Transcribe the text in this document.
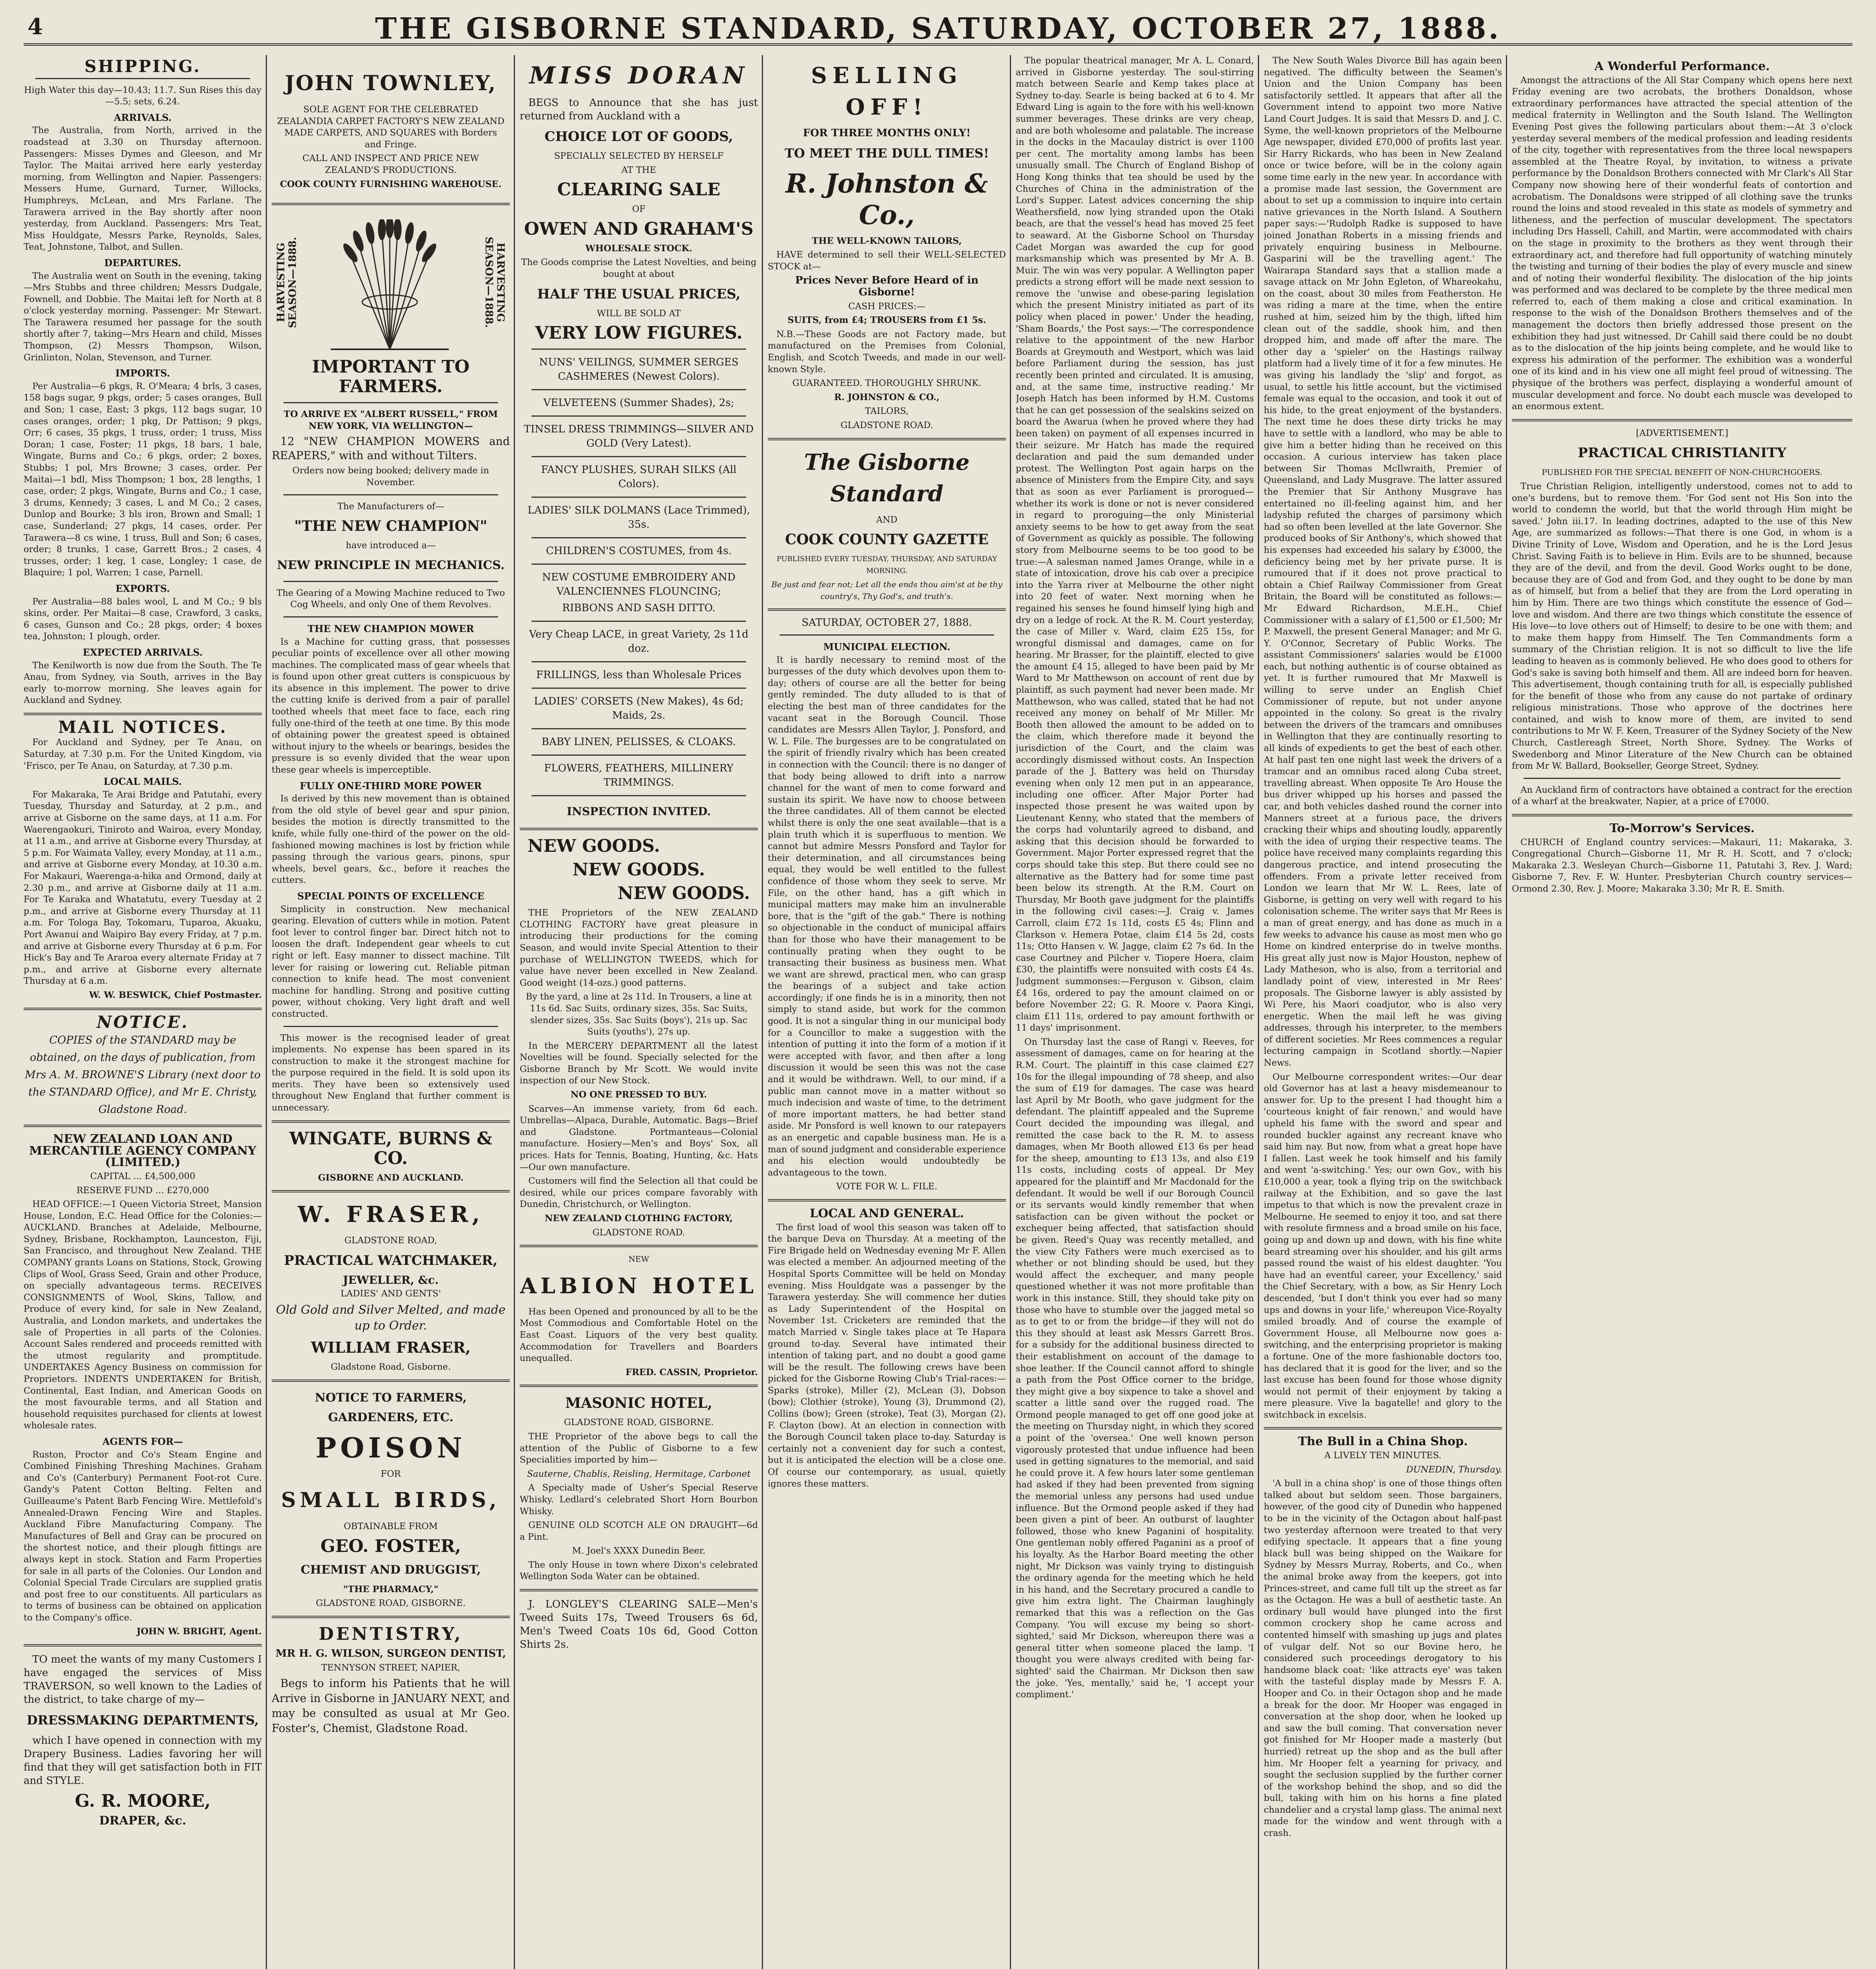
4	THE GISBORNE STANDARD, SATURDAY, OCTOBER 27, 1888.
SHIPPING.

High Water this day—10.43; 11.7. Sun Rises this day—5.5; sets, 6.24.

ARRIVALS.

The Australia, from North, arrived in the roadstead at 3.30 on Thursday afternoon. Passengers: Misses Dymes and Gleeson, and Mr Taylor. The Maitai arrived here early yesterday morning, from Wellington and Napier. Passengers: Messers Hume, Gurnard, Turner, Willocks, Humphreys, McLean, and Mrs Farlane. The Tarawera arrived in the Bay shortly after noon yesterday, from Auckland. Passengers: Mrs Teat, Miss Houldgate, Messrs Parke, Reynolds, Sales, Teat, Johnstone, Talbot, and Sullen.

DEPARTURES.

The Australia went on South in the evening, taking—Mrs Stubbs and three children; Messrs Dudgale, Fownell, and Dobbie. The Maitai left for North at 8 o'clock yesterday morning. Passenger: Mr Stewart. The Tarawera resumed her passage for the south shortly after 7, taking—Mrs Hearn and child, Misses Thompson, (2) Messrs Thompson, Wilson, Grinlinton, Nolan, Stevenson, and Turner.

IMPORTS.

Per Australia—6 pkgs, R. O'Meara; 4 brls, 3 cases, 158 bags sugar, 9 pkgs, order; 5 cases oranges, Bull and Son; 1 case, East; 3 pkgs, 112 bags sugar, 10 cases oranges, order; 1 pkg, Dr Pattison; 9 pkgs, Orr; 6 cases, 35 pkgs, 1 truss, order; 1 truss, Miss Doran; 1 case, Foster; 11 pkgs, 18 bars, 1 bale, Wingate, Burns and Co.; 6 pkgs, order; 2 boxes, Stubbs; 1 pol, Mrs Browne; 3 cases, order. Per Maitai—1 bdl, Miss Thompson; 1 box, 28 lengths, 1 case, order; 2 pkgs, Wingate, Burns and Co.; 1 case, 3 drums, Kennedy; 3 cases, L and M Co.; 2 cases, Dunlop and Bourke; 3 bls iron, Brown and Small; 1 case, Sunderland; 27 pkgs, 14 cases, order. Per Tarawera—8 cs wine, 1 truss, Bull and Son; 6 cases, order; 8 trunks, 1 case, Garrett Bros.; 2 cases, 4 trusses, order; 1 keg, 1 case, Longley; 1 case, de Blaquire; 1 pol, Warren; 1 case, Parnell.

EXPORTS.

Per Australia—88 bales wool, L and M Co.; 9 bls skins, order. Per Maitai—8 case, Crawford, 3 casks, 6 cases, Gunson and Co.; 28 pkgs, order; 4 boxes tea, Johnston; 1 plough, order.

EXPECTED ARRIVALS.

The Kenilworth is now due from the South. The Te Anau, from Sydney, via South, arrives in the Bay early to-morrow morning. She leaves again for Auckland and Sydney.

MAIL NOTICES.

For Auckland and Sydney, per Te Anau, on Saturday, at 7.30 p.m. For the United Kingdom, via 'Frisco, per Te Anau, on Saturday, at 7.30 p.m.

LOCAL MAILS.

For Makaraka, Te Arai Bridge and Patutahi, every Tuesday, Thursday and Saturday, at 2 p.m., and arrive at Gisborne on the same days, at 11 a.m. For Waerengaokuri, Tiniroto and Wairoa, every Monday, at 11 a.m., and arrive at Gisborne every Thursday, at 5 p.m. For Waimata Valley, every Monday, at 11 a.m., and arrive at Gisborne every Monday, at 10.30 a.m. For Makauri, Waerenga-a-hika and Ormond, daily at 2.30 p.m., and arrive at Gisborne daily at 11 a.m. For Te Karaka and Whatatutu, every Tuesday at 2 p.m., and arrive at Gisborne every Thursday at 11 a.m. For Tologa Bay, Tokomaru, Tuparoa, Akuaku, Port Awanui and Waipiro Bay every Friday, at 7 p.m. and arrive at Gisborne every Thursday at 6 p.m. For Hick's Bay and Te Araroa every alternate Friday at 7 p.m., and arrive at Gisborne every alternate Thursday at 6 a.m.

W. W. BESWICK, Chief Postmaster.

NOTICE.

COPIES of the STANDARD may be obtained, on the days of publication, from Mrs A. M. BROWNE'S Library (next door to the STANDARD Office), and Mr E. Christy, Gladstone Road.

NEW ZEALAND LOAN AND MERCANTILE AGENCY COMPANY (LIMITED.)

CAPITAL ... £4,500,000

RESERVE FUND ... £270,000

HEAD OFFICE:—1 Queen Victoria Street, Mansion House, London, E.C. Head Office for the Colonies:—AUCKLAND. Branches at Adelaide, Melbourne, Sydney, Brisbane, Rockhampton, Launceston, Fiji, San Francisco, and throughout New Zealand. THE COMPANY grants Loans on Stations, Stock, Growing Clips of Wool, Grass Seed, Grain and other Produce, on specially advantageous terms. RECEIVES CONSIGNMENTS of Wool, Skins, Tallow, and Produce of every kind, for sale in New Zealand, Australia, and London markets, and undertakes the sale of Properties in all parts of the Colonies. Account Sales rendered and proceeds remitted with the utmost regularity and promptitude. UNDERTAKES Agency Business on commission for Proprietors. INDENTS UNDERTAKEN for British, Continental, East Indian, and American Goods on the most favourable terms, and all Station and household requisites purchased for clients at lowest wholesale rates.

AGENTS FOR—

Ruston, Proctor and Co's Steam Engine and Combined Finishing Threshing Machines. Graham and Co's (Canterbury) Permanent Foot-rot Cure. Gandy's Patent Cotton Belting. Felten and Guilleaume's Patent Barb Fencing Wire. Mettlefold's Annealed-Drawn Fencing Wire and Staples. Auckland Fibre Manufacturing Company. The Manufactures of Bell and Gray can be procured on the shortest notice, and their plough fittings are always kept in stock. Station and Farm Properties for sale in all parts of the Colonies. Our London and Colonial Special Trade Circulars are supplied gratis and post free to our constituents. All particulars as to terms of business can be obtained on application to the Company's office.

JOHN W. BRIGHT, Agent.

TO meet the wants of my many Customers I have engaged the services of Miss TRAVERSON, so well known to the Ladies of the district, to take charge of my—

DRESSMAKING DEPARTMENTS,

which I have opened in connection with my Drapery Business. Ladies favoring her will find that they will get satisfaction both in FIT and STYLE.

G. R. MOORE,

DRAPER, &c.

JOHN TOWNLEY,

SOLE AGENT FOR THE CELEBRATED ZEALANDIA CARPET FACTORY'S NEW ZEALAND MADE CARPETS, AND SQUARES with Borders and Fringe.

CALL AND INSPECT AND PRICE NEW ZEALAND'S PRODUCTIONS.

COOK COUNTY FURNISHING WAREHOUSE.

HARVESTING SEASON—1888.	HARVESTING SEASON—1888.

IMPORTANT TO FARMERS.

TO ARRIVE EX "ALBERT RUSSELL," FROM NEW YORK, VIA WELLINGTON—

12 "NEW CHAMPION MOWERS and REAPERS," with and without Tilters.

Orders now being booked; delivery made in November.

The Manufacturers of—

"THE NEW CHAMPION"

have introduced a—

NEW PRINCIPLE IN MECHANICS.

The Gearing of a Mowing Machine reduced to Two Cog Wheels, and only One of them Revolves.

THE NEW CHAMPION MOWER

Is a Machine for cutting grass, that possesses peculiar points of excellence over all other mowing machines. The complicated mass of gear wheels that is found upon other great cutters is conspicuous by its absence in this implement. The power to drive the cutting knife is derived from a pair of parallel toothed wheels that meet face to face, each ring fully one-third of the teeth at one time. By this mode of obtaining power the greatest speed is obtained without injury to the wheels or bearings, besides the pressure is so evenly divided that the wear upon these gear wheels is imperceptible.

FULLY ONE-THIRD MORE POWER

Is derived by this new movement than is obtained from the old style of bevel gear and spur pinion, besides the motion is directly transmitted to the knife, while fully one-third of the power on the old-fashioned mowing machines is lost by friction while passing through the various gears, pinons, spur wheels, bevel gears, &c., before it reaches the cutters.

SPECIAL POINTS OF EXCELLENCE

Simplicity in construction. New mechanical gearing. Elevation of cutters while in motion. Patent foot lever to control finger bar. Direct hitch not to loosen the draft. Independent gear wheels to cut right or left. Easy manner to dissect machine. Tilt lever for raising or lowering cut. Reliable pitman connection to knife head. The most convenient machine for handling. Strong and positive cutting power, without choking. Very light draft and well constructed.

This mower is the recognised leader of great implements. No expense has been spared in its construction to make it the strongest machine for the purpose required in the field. It is sold upon its merits. They have been so extensively used throughout New England that further comment is unnecessary.

WINGATE, BURNS & CO.

GISBORNE AND AUCKLAND.

W. FRASER,

GLADSTONE ROAD,

PRACTICAL WATCHMAKER,

JEWELLER, &c.

LADIES' AND GENTS'

Old Gold and Silver Melted, and made up to Order.

WILLIAM FRASER,

Gladstone Road, Gisborne.

NOTICE TO FARMERS, GARDENERS, ETC.

POISON

FOR

SMALL BIRDS,

OBTAINABLE FROM

GEO. FOSTER,

CHEMIST AND DRUGGIST,

"THE PHARMACY,"

GLADSTONE ROAD, GISBORNE.

DENTISTRY,

MR H. G. WILSON, SURGEON DENTIST,

TENNYSON STREET, NAPIER,

Begs to inform his Patients that he will Arrive in Gisborne in JANUARY NEXT, and may be consulted as usual at Mr Geo. Foster's, Chemist, Gladstone Road.

MISS DORAN

BEGS to Announce that she has just returned from Auckland with a

CHOICE LOT OF GOODS,

SPECIALLY SELECTED BY HERSELF

AT THE

CLEARING SALE

OF

OWEN AND GRAHAM'S

WHOLESALE STOCK.

The Goods comprise the Latest Novelties, and being bought at about

HALF THE USUAL PRICES,

WILL BE SOLD AT

VERY LOW FIGURES.

NUNS' VEILINGS, SUMMER SERGES CASHMERES (Newest Colors).

VELVETEENS (Summer Shades), 2s;

TINSEL DRESS TRIMMINGS—SILVER AND GOLD (Very Latest).

FANCY PLUSHES, SURAH SILKS (All Colors).

LADIES' SILK DOLMANS (Lace Trimmed), 35s.

CHILDREN'S COSTUMES, from 4s.

NEW COSTUME EMBROIDERY AND VALENCIENNES FLOUNCING;

RIBBONS AND SASH DITTO.

Very Cheap LACE, in great Variety, 2s 11d doz.

FRILLINGS, less than Wholesale Prices

LADIES' CORSETS (New Makes), 4s 6d; Maids, 2s.

BABY LINEN, PELISSES, & CLOAKS.

FLOWERS, FEATHERS, MILLINERY TRIMMINGS.

INSPECTION INVITED.

NEW GOODS.

NEW GOODS.

NEW GOODS.

THE Proprietors of the NEW ZEALAND CLOTHING FACTORY have great pleasure in introducing their productions for the coming Season, and would invite Special Attention to their purchase of WELLINGTON TWEEDS, which for value have never been excelled in New Zealand. Good weight (14-ozs.) good patterns.

By the yard, a line at 2s 11d. In Trousers, a line at 11s 6d. Sac Suits, ordinary sizes, 35s. Sac Suits, slender sizes, 35s. Sac Suits (boys'), 21s up. Sac Suits (youths'), 27s up.

In the MERCERY DEPARTMENT all the latest Novelties will be found. Specially selected for the Gisborne Branch by Mr Scott. We would invite inspection of our New Stock.

NO ONE PRESSED TO BUY.

Scarves—An immense variety, from 6d each. Umbrellas—Alpaca, Durable, Automatic. Bags—Brief and Gladstone. Portmanteaus—Colonial manufacture. Hosiery—Men's and Boys' Sox, all prices. Hats for Tennis, Boating, Hunting, &c. Hats—Our own manufacture.

Customers will find the Selection all that could be desired, while our prices compare favorably with Dunedin, Christchurch, or Wellington.

NEW ZEALAND CLOTHING FACTORY,

GLADSTONE ROAD.

NEW

ALBION HOTEL

Has been Opened and pronounced by all to be the Most Commodious and Comfortable Hotel on the East Coast. Liquors of the very best quality. Accommodation for Travellers and Boarders unequalled.

FRED. CASSIN, Proprietor.

MASONIC HOTEL,

GLADSTONE ROAD, GISBORNE.

THE Proprietor of the above begs to call the attention of the Public of Gisborne to a few Specialities imported by him—

Sauterne, Chablis, Reisling, Hermitage, Carbonet

A Specialty made of Usher's Special Reserve Whisky. Ledlard's celebrated Short Horn Bourbon Whisky.

GENUINE OLD SCOTCH ALE ON DRAUGHT—6d a Pint.

M. Joel's XXXX Dunedin Beer.

The only House in town where Dixon's celebrated Wellington Soda Water can be obtained.

J. LONGLEY'S CLEARING SALE—Men's Tweed Suits 17s, Tweed Trousers 6s 6d, Men's Tweed Coats 10s 6d, Good Cotton Shirts 2s.

SELLING OFF!

FOR THREE MONTHS ONLY!

TO MEET THE DULL TIMES!

R. Johnston & Co.,

THE WELL-KNOWN TAILORS,

HAVE determined to sell their WELL-SELECTED STOCK at—

Prices Never Before Heard of in Gisborne!

CASH PRICES:—

SUITS, from £4; TROUSERS from £1 5s.

N.B.—These Goods are not Factory made, but manufactured on the Premises from Colonial, English, and Scotch Tweeds, and made in our well-known Style.

GUARANTEED. THOROUGHLY SHRUNK.

R. JOHNSTON & CO.,

TAILORS,

GLADSTONE ROAD.

The Gisborne Standard

AND

COOK COUNTY GAZETTE

PUBLISHED EVERY TUESDAY, THURSDAY, AND SATURDAY MORNING.

Be just and fear not; Let all the ends thou aim'st at be thy country's, Thy God's, and truth's.

SATURDAY, OCTOBER 27, 1888.

MUNICIPAL ELECTION.

It is hardly necessary to remind most of the burgesses of the duty which devolves upon them to-day; others of course are all the better for being gently reminded. The duty alluded to is that of electing the best man of three candidates for the vacant seat in the Borough Council. Those candidates are Messrs Allen Taylor, J. Ponsford, and W. L. File. The burgesses are to be congratulated on the spirit of friendly rivalry which has been created in connection with the Council: there is no danger of that body being allowed to drift into a narrow channel for the want of men to come forward and sustain its spirit. We have now to choose between the three candidates. All of them cannot be elected whilst there is only the one seat available—that is a plain truth which it is superfluous to mention. We cannot but admire Messrs Ponsford and Taylor for their determination, and all circumstances being equal, they would be well entitled to the fullest confidence of those whom they seek to serve. Mr File, on the other hand, has a gift which in municipal matters may make him an invulnerable bore, that is the "gift of the gab." There is nothing so objectionable in the conduct of municipal affairs than for those who have their management to be continually prating when they ought to be transacting their business as business men. What we want are shrewd, practical men, who can grasp the bearings of a subject and take action accordingly; if one finds he is in a minority, then not simply to stand aside, but work for the common good. It is not a singular thing in our municipal body for a Councillor to make a suggestion with the intention of putting it into the form of a motion if it were accepted with favor, and then after a long discussion it would be seen this was not the case and it would be withdrawn. Well, to our mind, if a public man cannot move in a matter without so much indecision and waste of time, to the detriment of more important matters, he had better stand aside. Mr Ponsford is well known to our ratepayers as an energetic and capable business man. He is a man of sound judgment and considerable experience and his election would undoubtedly be advantageous to the town.

VOTE FOR W. L. FILE.

LOCAL AND GENERAL.

The first load of wool this season was taken off to the barque Deva on Thursday. At a meeting of the Fire Brigade held on Wednesday evening Mr F. Allen was elected a member. An adjourned meeting of the Hospital Sports Committee will be held on Monday evening. Miss Houldgate was a passenger by the Tarawera yesterday. She will commence her duties as Lady Superintendent of the Hospital on November 1st. Cricketers are reminded that the match Married v. Single takes place at Te Hapara ground to-day. Several have intimated their intention of taking part, and no doubt a good game will be the result. The following crews have been picked for the Gisborne Rowing Club's Trial-races:—Sparks (stroke), Miller (2), McLean (3), Dobson (bow); Clothier (stroke), Young (3), Drummond (2), Collins (bow); Green (stroke), Teat (3), Morgan (2), F. Clayton (bow). At an election in connection with the Borough Council taken place to-day. Saturday is certainly not a convenient day for such a contest, but it is anticipated the election will be a close one. Of course our contemporary, as usual, quietly ignores these matters.

The popular theatrical manager, Mr A. L. Conard, arrived in Gisborne yesterday. The soul-stirring match between Searle and Kemp takes place at Sydney to-day. Searle is being backed at 6 to 4. Mr Edward Ling is again to the fore with his well-known summer beverages. These drinks are very cheap, and are both wholesome and palatable. The increase in the docks in the Macaulay district is over 1100 per cent. The mortality among lambs has been unusually small. The Church of England Bishop of Hong Kong thinks that tea should be used by the Churches of China in the administration of the Lord's Supper. Latest advices concerning the ship Weathersfield, now lying stranded upon the Otaki beach, are that the vessel's head has moved 25 feet to seaward. At the Gisborne School on Thursday Cadet Morgan was awarded the cup for good marksmanship which was presented by Mr A. B. Muir. The win was very popular. A Wellington paper predicts a strong effort will be made next session to remove the 'unwise and obese-paring legislation which the present Ministry initiated as part of its policy when placed in power.' Under the heading, 'Sham Boards,' the Post says:—'The correspondence relative to the appointment of the new Harbor Boards at Greymouth and Westport, which was laid before Parliament during the session, has just recently been printed and circulated. It is amusing, and, at the same time, instructive reading.' Mr Joseph Hatch has been informed by H.M. Customs that he can get possession of the sealskins seized on board the Awarua (when he proved where they had been taken) on payment of all expenses incurred in their seizure. Mr Hatch has made the required declaration and paid the sum demanded under protest. The Wellington Post again harps on the absence of Ministers from the Empire City, and says that as soon as ever Parliament is prorogued—whether its work is done or not is never considered in regard to proroguing—the only Ministerial anxiety seems to be how to get away from the seat of Government as quickly as possible. The following story from Melbourne seems to be too good to be true:—A salesman named James Orange, while in a state of intoxication, drove his cab over a precipice into the Yarra river at Melbourne the other night into 20 feet of water. Next morning when he regained his senses he found himself lying high and dry on a ledge of rock. At the R. M. Court yesterday, the case of Miller v. Ward, claim £25 15s, for wrongful dismissal and damages, came on for hearing. Mr Brasser, for the plaintiff, elected to give the amount £4 15, alleged to have been paid by Mr Ward to Mr Matthewson on account of rent due by plaintiff, as such payment had never been made. Mr Matthewson, who was called, stated that he had not received any money on behalf of Mr Miller. Mr Booth then allowed the amount to be added on to the claim, which therefore made it beyond the jurisdiction of the Court, and the claim was accordingly dismissed without costs. An Inspection parade of the J. Battery was held on Thursday evening when only 12 men put in an appearance, including one officer. After Major Porter had inspected those present he was waited upon by Lieutenant Kenny, who stated that the members of the corps had voluntarily agreed to disband, and asking that this decision should be forwarded to Government. Major Porter expressed regret that the corps should take this step. But there could see no alternative as the Battery had for some time past been below its strength. At the R.M. Court on Thursday, Mr Booth gave judgment for the plaintiffs in the following civil cases:—J. Craig v. James Carroll, claim £72 1s 11d, costs £5 4s; Flinn and Clarkson v. Hemera Potae, claim £14 5s 2d, costs 11s; Otto Hansen v. W. Jagge, claim £2 7s 6d. In the case Courtney and Pilcher v. Tiopere Hoera, claim £30, the plaintiffs were nonsuited with costs £4 4s. Judgment summonses:—Ferguson v. Gibson, claim £4 16s, ordered to pay the amount claimed on or before November 22; G. R. Moore v. Paora Kingi, claim £11 11s, ordered to pay amount forthwith or 11 days' imprisonment.

On Thursday last the case of Rangi v. Reeves, for assessment of damages, came on for hearing at the R.M. Court. The plaintiff in this case claimed £27 10s for the illegal impounding of 78 sheep, and also the sum of £19 for damages. The case was heard last April by Mr Booth, who gave judgment for the defendant. The plaintiff appealed and the Supreme Court decided the impounding was illegal, and remitted the case back to the R. M. to assess damages, when Mr Booth allowed £13 6s per head for the sheep, amounting to £13 13s, and also £19 11s costs, including costs of appeal. Dr Mey appeared for the plaintiff and Mr Macdonald for the defendant. It would be well if our Borough Council or its servants would kindly remember that when satisfaction can be given without the pocket or exchequer being affected, that satisfaction should be given. Reed's Quay was recently metalled, and the view City Fathers were much exercised as to whether or not blinding should be used, but they would affect the exchequer, and many people questioned whether it was not more profitable than work in this instance. Still, they should take pity on those who have to stumble over the jagged metal so as to get to or from the bridge—if they will not do this they should at least ask Messrs Garrett Bros. for a subsidy for the additional business directed to their establishment on account of the damage to shoe leather. If the Council cannot afford to shingle a path from the Post Office corner to the bridge, they might give a boy sixpence to take a shovel and scatter a little sand over the rugged road. The Ormond people managed to get off one good joke at the meeting on Thursday night, in which they scored a point of the 'oversea.' One well known person vigorously protested that undue influence had been used in getting signatures to the memorial, and said he could prove it. A few hours later some gentleman had asked if they had been prevented from signing the memorial unless any persons had used undue influence. But the Ormond people asked if they had been given a pint of beer. An outburst of laughter followed, those who knew Paganini of hospitality. One gentleman nobly offered Paganini as a proof of his loyalty. As the Harbor Board meeting the other night, Mr Dickson was vainly trying to distinguish the ordinary agenda for the meeting which he held in his hand, and the Secretary procured a candle to give him extra light. The Chairman laughingly remarked that this was a reflection on the Gas Company. 'You will excuse my being so short-sighted,' said Mr Dickson, whereupon there was a general titter when someone placed the lamp. 'I thought you were always credited with being far-sighted' said the Chairman. Mr Dickson then saw the joke. 'Yes, mentally,' said he, 'I accept your compliment.'

The New South Wales Divorce Bill has again been negatived. The difficulty between the Seamen's Union and the Union Company has been satisfactorily settled. It appears that after all the Government intend to appoint two more Native Land Court Judges. It is said that Messrs D. and J. C. Syme, the well-known proprietors of the Melbourne Age newspaper, divided £70,000 of profits last year. Sir Harry Rickards, who has been in New Zealand once or twice before, will be in the colony again some time early in the new year. In accordance with a promise made last session, the Government are about to set up a commission to inquire into certain native grievances in the North Island. A Southern paper says:—'Rudolph Radke is supposed to have joined Jonathan Roberts in a missing friends and privately enquiring business in Melbourne. Gasparini will be the travelling agent.' The Wairarapa Standard says that a stallion made a savage attack on Mr John Egleton, of Whareokahu, on the coast, about 30 miles from Featherston. He was riding a mare at the time, when the entire rushed at him, seized him by the thigh, lifted him clean out of the saddle, shook him, and then dropped him, and made off after the mare. The other day a 'spieler' on the Hastings railway platform had a lively time of it for a few minutes. He was giving his landlady the 'slip' and forgot, as usual, to settle his little account, but the victimised female was equal to the occasion, and took it out of his hide, to the great enjoyment of the bystanders. The next time he does these dirty tricks he may have to settle with a landlord, who may be able to give him a better hiding than he received on this occasion. A curious interview has taken place between Sir Thomas McIlwraith, Premier of Queensland, and Lady Musgrave. The latter assured the Premier that Sir Anthony Musgrave has entertained no ill-feeling against him, and her ladyship refuted the charges of parsimony which had so often been levelled at the late Governor. She produced books of Sir Anthony's, which showed that his expenses had exceeded his salary by £3000, the deficiency being met by her private purse. It is rumoured that if it does not prove practical to obtain a Chief Railway Commissioner from Great Britain, the Board will be constituted as follows:—Mr Edward Richardson, M.E.H., Chief Commissioner with a salary of £1,500 or £1,500; Mr P. Maxwell, the present General Manager; and Mr G. Y. O'Connor, Secretary of Public Works. The assistant Commissioners' salaries would be £1000 each, but nothing authentic is of course obtained as yet. It is further rumoured that Mr Maxwell is willing to serve under an English Chief Commissioner of repute, but not under anyone appointed in the colony. So great is the rivalry between the drivers of the tramcars and omnibuses in Wellington that they are continually resorting to all kinds of expedients to get the best of each other. At half past ten one night last week the drivers of a tramcar and an omnibus raced along Cuba street, travelling abreast. When opposite Te Aro House the bus driver whipped up his horses and passed the car, and both vehicles dashed round the corner into Manners street at a furious pace, the drivers cracking their whips and shouting loudly, apparently with the idea of urging their respective teams. The police have received many complaints regarding this dangerous practice, and intend prosecuting the offenders. From a private letter received from London we learn that Mr W. L. Rees, late of Gisborne, is getting on very well with regard to his colonisation scheme. The writer says that Mr Rees is a man of great energy, and has done as much in a few weeks to advance his cause as most men who go Home on kindred enterprise do in twelve months. His great ally just now is Major Houston, nephew of Lady Matheson, who is also, from a territorial and landlady point of view, interested in Mr Rees' proposals. The Gisborne lawyer is ably assisted by Wi Pere, his Maori coadjutor, who is also very energetic. When the mail left he was giving addresses, through his interpreter, to the members of different societies. Mr Rees commences a regular lecturing campaign in Scotland shortly.—Napier News.

Our Melbourne correspondent writes:—Our dear old Governor has at last a heavy misdemeanour to answer for. Up to the present I had thought him a 'courteous knight of fair renown,' and would have upheld his fame with the sword and spear and rounded buckler against any recreant knave who said him nay. But now, from what a great hope have I fallen. Last week he took himself and his family and went 'a-switching.' Yes; our own Gov., with his £10,000 a year, took a flying trip on the switchback railway at the Exhibition, and so gave the last impetus to that which is now the prevalent craze in Melbourne. He seemed to enjoy it too, and sat there with resolute firmness and a broad smile on his face, going up and down up and down, with his fine white beard streaming over his shoulder, and his gilt arms passed round the waist of his eldest daughter. 'You have had an eventful career, your Excellency,' said the Chief Secretary, with a bow, as Sir Henry Loch descended, 'but I don't think you ever had so many ups and downs in your life,' whereupon Vice-Royalty smiled broadly. And of course the example of Government House, all Melbourne now goes a-switching, and the enterprising proprietor is making a fortune. One of the more fashionable doctors too, has declared that it is good for the liver, and so the last excuse has been found for those whose dignity would not permit of their enjoyment by taking a mere pleasure. Vive la bagatelle! and glory to the switchback in excelsis.

The Bull in a China Shop.

A LIVELY TEN MINUTES.

DUNEDIN, Thursday.

'A bull in a china shop' is one of those things often talked about but seldom seen. Those bargainers, however, of the good city of Dunedin who happened to be in the vicinity of the Octagon about half-past two yesterday afternoon were treated to that very edifying spectacle. It appears that a fine young black bull was being shipped on the Waikare for Sydney by Messrs Murray, Roberts, and Co., when the animal broke away from the keepers, got into Princes-street, and came full tilt up the street as far as the Octagon. He was a bull of aesthetic taste. An ordinary bull would have plunged into the first common crockery shop he came across and contented himself with smashing up jugs and plates of vulgar delf. Not so our Bovine hero, he considered such proceedings derogatory to his handsome black coat: 'like attracts eye' was taken with the tasteful display made by Messrs F. A. Hooper and Co. in their Octagon shop and he made a break for the door. Mr Hooper was engaged in conversation at the shop door, when he looked up and saw the bull coming. That conversation never got finished for Mr Hooper made a masterly (but hurried) retreat up the shop and as the bull after him. Mr Hooper felt a yearning for privacy, and sought the seclusion supplied by the further corner of the workshop behind the shop, and so did the bull, taking with him on his horns a fine plated chandelier and a crystal lamp glass. The animal next made for the window and went through with a crash.

A Wonderful Performance.

Amongst the attractions of the All Star Company which opens here next Friday evening are two acrobats, the brothers Donaldson, whose extraordinary performances have attracted the special attention of the medical fraternity in Wellington and the South Island. The Wellington Evening Post gives the following particulars about them:—At 3 o'clock yesterday several members of the medical profession and leading residents of the city, together with representatives from the three local newspapers assembled at the Theatre Royal, by invitation, to witness a private performance by the Donaldson Brothers connected with Mr Clark's All Star Company now showing here of their wonderful feats of contortion and acrobatism. The Donaldsons were stripped of all clothing save the trunks round the loins and stood revealed in this state as models of symmetry and litheness, and the perfection of muscular development. The spectators including Drs Hassell, Cahill, and Martin, were accommodated with chairs on the stage in proximity to the brothers as they went through their extraordinary act, and therefore had full opportunity of watching minutely the twisting and turning of their bodies the play of every muscle and sinew and of noting their wonderful flexibility. The dislocation of the hip joints was performed and was declared to be complete by the three medical men referred to, each of them making a close and critical examination. In response to the wish of the Donaldson Brothers themselves and of the management the doctors then briefly addressed those present on the exhibition they had just witnessed. Dr Cahill said there could be no doubt as to the dislocation of the hip joints being complete, and he would like to express his admiration of the performer. The exhibition was a wonderful one of its kind and in his view one all might feel proud of witnessing. The physique of the brothers was perfect, displaying a wonderful amount of muscular development and force. No doubt each muscle was developed to an enormous extent.

[ADVERTISEMENT.]

PRACTICAL CHRISTIANITY

PUBLISHED FOR THE SPECIAL BENEFIT OF NON-CHURCHGOERS.

True Christian Religion, intelligently understood, comes not to add to one's burdens, but to remove them. 'For God sent not His Son into the world to condemn the world, but that the world through Him might be saved.' John iii.17. In leading doctrines, adapted to the use of this New Age, are summarized as follows:—That there is one God, in whom is a Divine Trinity of Love, Wisdom and Operation, and he is the Lord Jesus Christ. Saving Faith is to believe in Him. Evils are to be shunned, because they are of the devil, and from the devil. Good Works ought to be done, because they are of God and from God, and they ought to be done by man as of himself, but from a belief that they are from the Lord operating in him by Him. There are two things which constitute the essence of God—love and wisdom. And there are two things which constitute the essence of His love—to love others out of Himself; to desire to be one with them; and to make them happy from Himself. The Ten Commandments form a summary of the Christian religion. It is not so difficult to live the life leading to heaven as is commonly believed. He who does good to others for God's sake is saving both himself and them. All are indeed born for heaven. This advertisement, though containing truth for all, is especially published for the benefit of those who from any cause do not partake of ordinary religious ministrations. Those who approve of the doctrines here contained, and wish to know more of them, are invited to send contributions to Mr W. F. Keen, Treasurer of the Sydney Society of the New Church, Castlereagh Street, North Shore, Sydney. The Works of Swedenborg and Minor Literature of the New Church can be obtained from Mr W. Ballard, Bookseller, George Street, Sydney.

An Auckland firm of contractors have obtained a contract for the erection of a wharf at the breakwater, Napier, at a price of £7000.

To-Morrow's Services.

CHURCH of England country services:—Makauri, 11; Makaraka, 3. Congregational Church—Gisborne 11, Mr R. H. Scott, and 7 o'clock; Makaraka 2.3. Wesleyan Church—Gisborne 11, Patutahi 3, Rev. J. Ward; Gisborne 7, Rev. F. W. Hunter. Presbyterian Church country services—Ormond 2.30, Rev. J. Moore; Makaraka 3.30; Mr R. E. Smith.
